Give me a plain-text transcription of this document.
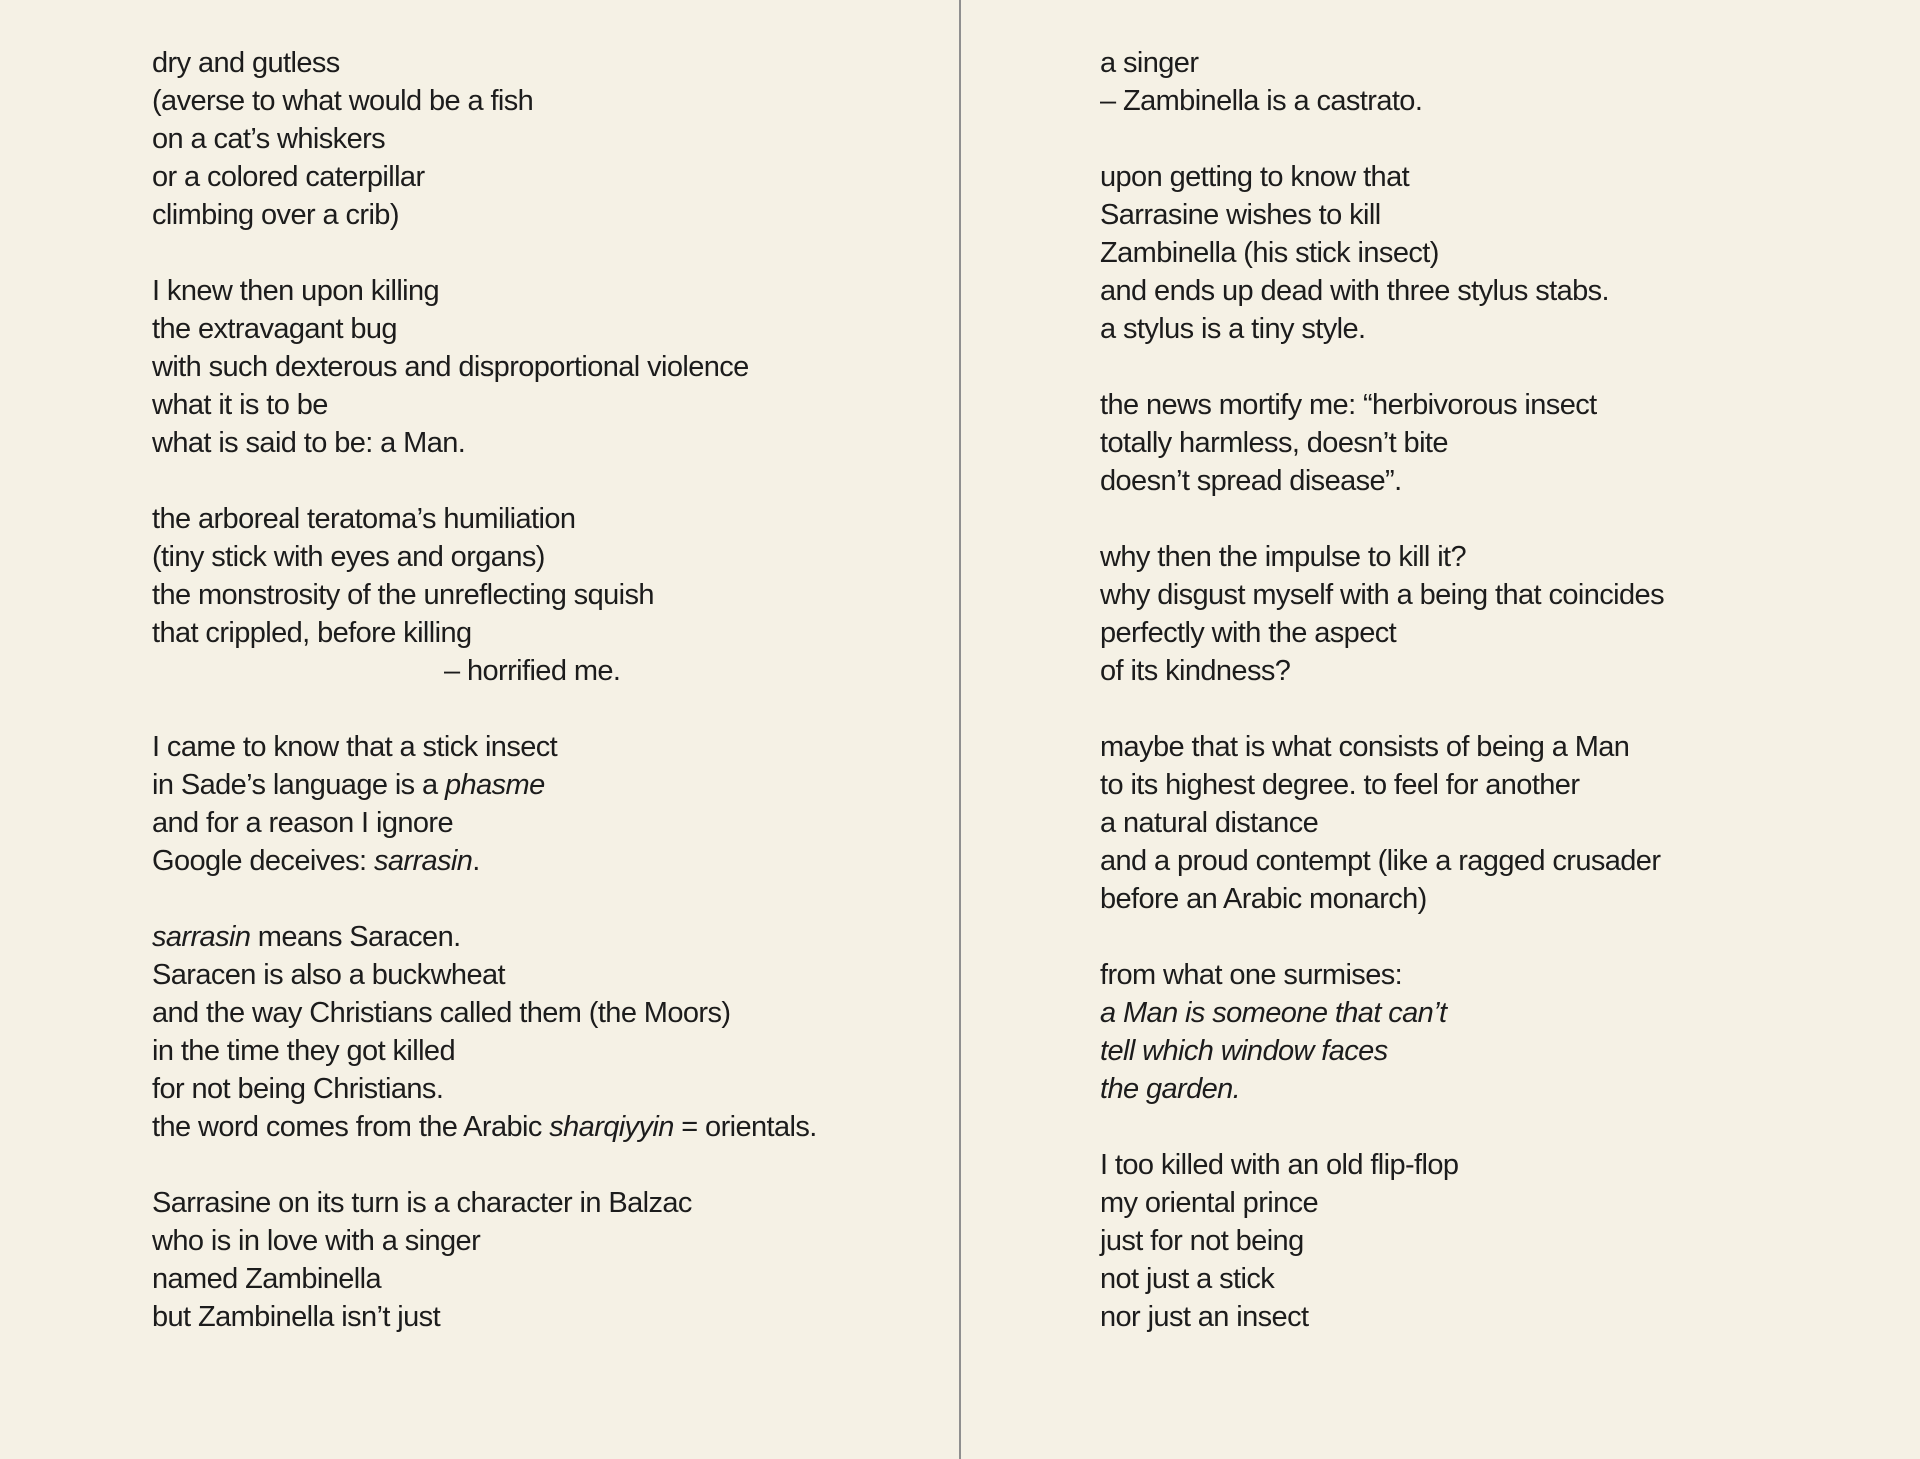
dry and gutless
(averse to what would be a fish
on a cat’s whiskers
or a colored caterpillar
climbing over a crib)
I knew then upon killing
the extravagant bug
with such dexterous and disproportional violence
what it is to be
what is said to be: a Man.
the arboreal teratoma’s humiliation
(tiny stick with eyes and organs)
the monstrosity of the unreflecting squish
that crippled, before killing
– horrified me.
I came to know that a stick insect
in Sade’s language is a phasme
and for a reason I ignore
Google deceives: sarrasin.
sarrasin means Saracen.
Saracen is also a buckwheat
and the way Christians called them (the Moors)
in the time they got killed
for not being Christians.
the word comes from the Arabic sharqiyyin = orientals.
Sarrasine on its turn is a character in Balzac
who is in love with a singer
named Zambinella
but Zambinella isn’t just
a singer
– Zambinella is a castrato.
upon getting to know that
Sarrasine wishes to kill
Zambinella (his stick insect)
and ends up dead with three stylus stabs.
a stylus is a tiny style.
the news mortify me: “herbivorous insect
totally harmless, doesn’t bite
doesn’t spread disease”.
why then the impulse to kill it?
why disgust myself with a being that coincides
perfectly with the aspect
of its kindness?
maybe that is what consists of being a Man
to its highest degree. to feel for another
a natural distance
and a proud contempt (like a ragged crusader
before an Arabic monarch)
from what one surmises:
a Man is someone that can’t
tell which window faces
the garden.
I too killed with an old flip-flop
my oriental prince
just for not being
not just a stick
nor just an insect
